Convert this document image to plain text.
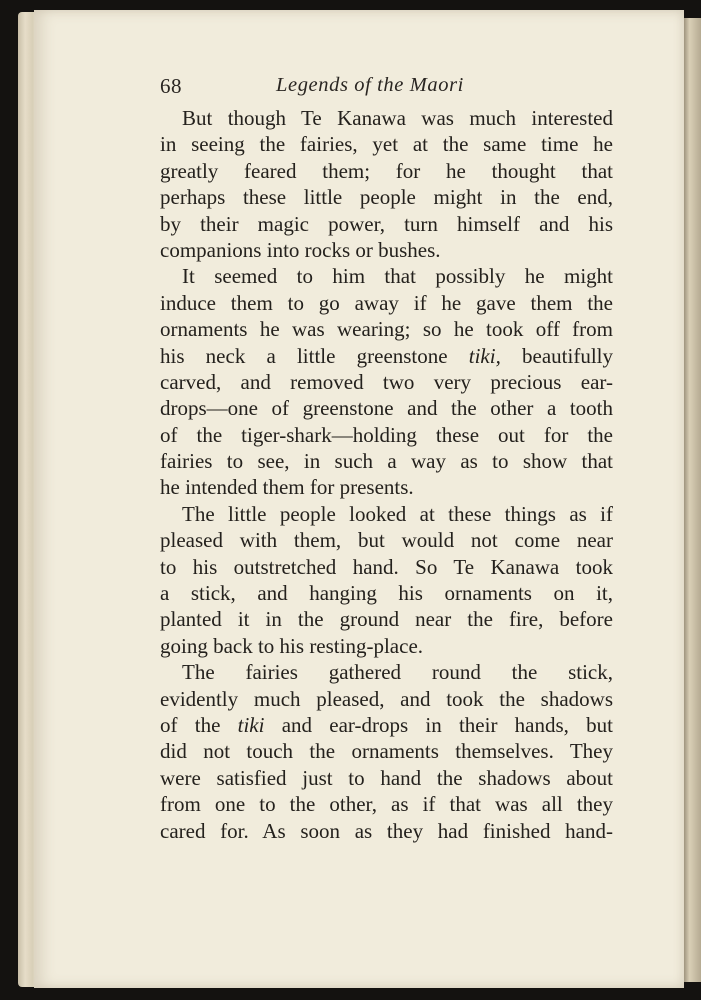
68	Legends of the Maori
But though Te Kanawa was much interested
in seeing the fairies, yet at the same time he
greatly feared them; for he thought that
perhaps these little people might in the end,
by their magic power, turn himself and his
companions into rocks or bushes.
It seemed to him that possibly he might
induce them to go away if he gave them the
ornaments he was wearing; so he took off from
his neck a little greenstone tiki, beautifully
carved, and removed two very precious ear-
drops—one of greenstone and the other a tooth
of the tiger-shark—holding these out for the
fairies to see, in such a way as to show that
he intended them for presents.
The little people looked at these things as if
pleased with them, but would not come near
to his outstretched hand. So Te Kanawa took
a stick, and hanging his ornaments on it,
planted it in the ground near the fire, before
going back to his resting-place.
The fairies gathered round the stick,
evidently much pleased, and took the shadows
of the tiki and ear-drops in their hands, but
did not touch the ornaments themselves. They
were satisfied just to hand the shadows about
from one to the other, as if that was all they
cared for. As soon as they had finished hand-
